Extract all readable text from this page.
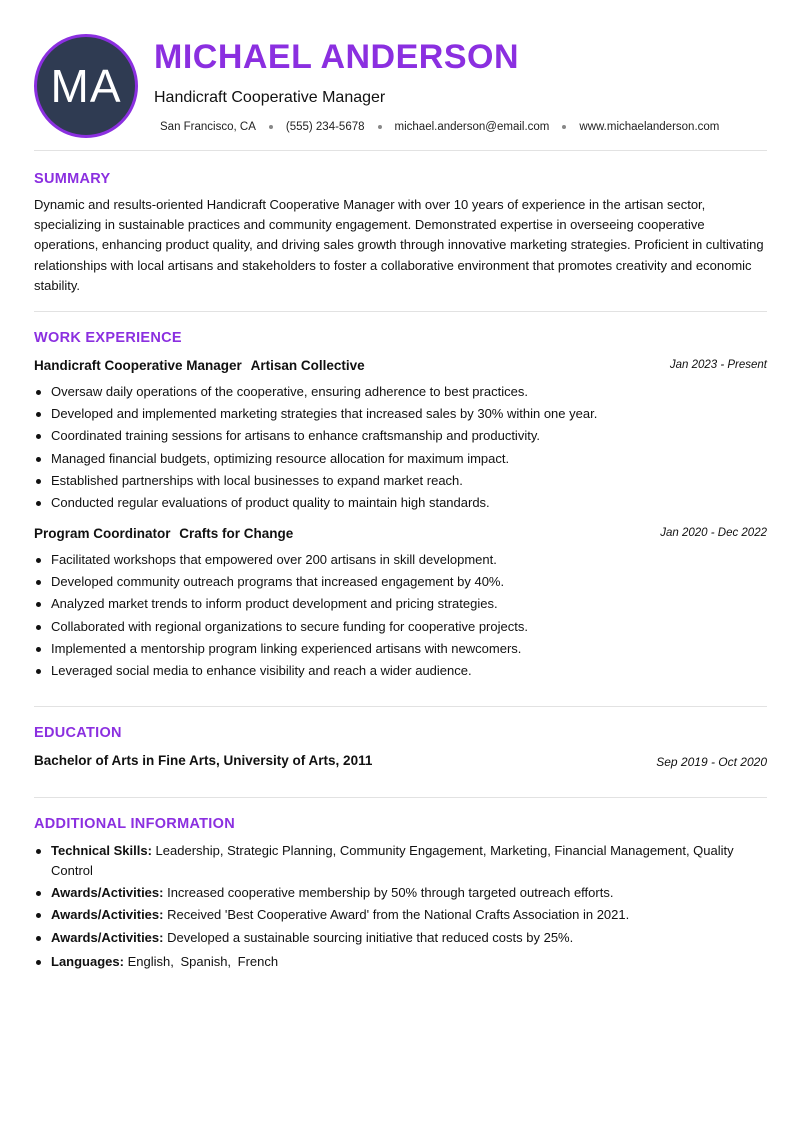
MA
MICHAEL ANDERSON
Handicraft Cooperative Manager
San Francisco, CA	(555) 234-5678	michael.anderson@email.com	www.michaelanderson.com
SUMMARY
Dynamic and results-oriented Handicraft Cooperative Manager with over 10 years of experience in the artisan sector, specializing in sustainable practices and community engagement. Demonstrated expertise in overseeing cooperative operations, enhancing product quality, and driving sales growth through innovative marketing strategies. Proficient in cultivating relationships with local artisans and stakeholders to foster a collaborative environment that promotes creativity and economic stability.
WORK EXPERIENCE
Handicraft Cooperative Manager Artisan Collective	Jan 2023 - Present
Oversaw daily operations of the cooperative, ensuring adherence to best practices.
Developed and implemented marketing strategies that increased sales by 30% within one year.
Coordinated training sessions for artisans to enhance craftsmanship and productivity.
Managed financial budgets, optimizing resource allocation for maximum impact.
Established partnerships with local businesses to expand market reach.
Conducted regular evaluations of product quality to maintain high standards.
Program Coordinator Crafts for Change	Jan 2020 - Dec 2022
Facilitated workshops that empowered over 200 artisans in skill development.
Developed community outreach programs that increased engagement by 40%.
Analyzed market trends to inform product development and pricing strategies.
Collaborated with regional organizations to secure funding for cooperative projects.
Implemented a mentorship program linking experienced artisans with newcomers.
Leveraged social media to enhance visibility and reach a wider audience.
EDUCATION
Bachelor of Arts in Fine Arts, University of Arts, 2011	Sep 2019 - Oct 2020
ADDITIONAL INFORMATION
Technical Skills: Leadership, Strategic Planning, Community Engagement, Marketing, Financial Management, Quality Control
Awards/Activities: Increased cooperative membership by 50% through targeted outreach efforts.
Awards/Activities: Received 'Best Cooperative Award' from the National Crafts Association in 2021.
Awards/Activities: Developed a sustainable sourcing initiative that reduced costs by 25%.
Languages: English, Spanish, French
